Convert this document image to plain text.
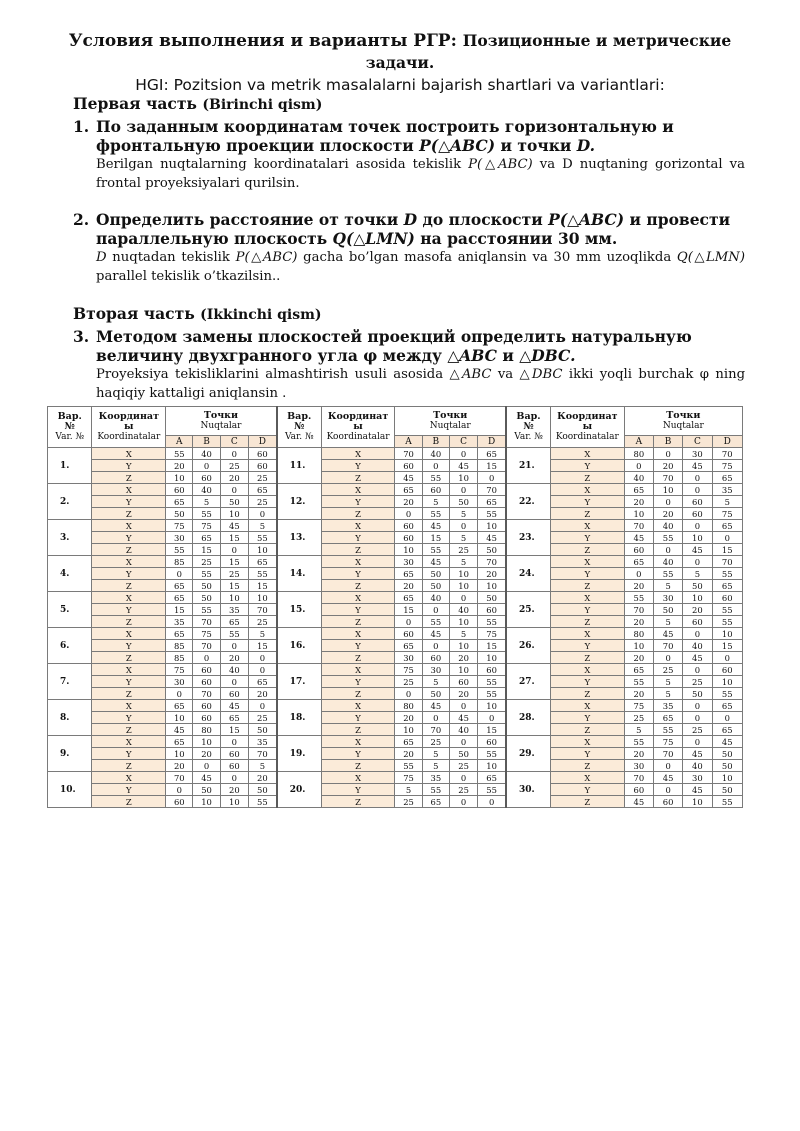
Условия выполнения и варианты РГР: Позиционные и метрические
задачи.
HGI: Pozitsion va metrik masalalarni bajarish shartlari va variantlari:
Первая часть (Birinchi qism)
1. По заданным координатам точек построить горизонтальную и фронтальную проекции плоскости P(△ABC) и точки D.
Berilgan nuqtalarning koordinatalari asosida tekislik P(△ABC) va D nuqtaning gorizontal va frontal proyeksiyalari qurilsin.
2. Определить расстояние от точки D до плоскости P(△ABC) и провести параллельную плоскость Q(△LMN) на расстоянии 30 мм.
D nuqtadan tekislik P(△ABC) gacha bo’lgan masofa aniqlansin va 30 mm uzoqlikda Q(△LMN) parallel tekislik o’tkazilsin..
Вторая часть (Ikkinchi qism)
3. Методом замены плоскостей проекций определить натуральную величину двухгранного угла φ между △ABC и △DBC.
Proyeksiya tekisliklarini almashtirish usuli asosida △ABC va △DBC ikki yoqli burchak φ ning haqiqiy kattaligi aniqlansin .
Вар.
№
Var. №	Координат
ы
Koordinatalar	Точки
Nuqtalar				Вар.
№
Var. №	Координат
ы
Koordinatalar	Точки
Nuqtalar				Вар.
№
Var. №	Координат
ы
Koordinatalar	Точки
Nuqtalar			
		A	B	C	D			A	B	C	D			A	B	C	D
1.	X	55	40	0	60	11.	X	70	40	0	65	21.	X	80	0	30	70
	Y	20	0	25	60		Y	60	0	45	15		Y	0	20	45	75
	Z	10	60	20	25		Z	45	55	10	0		Z	40	70	0	65
2.	X	60	40	0	65	12.	X	65	60	0	70	22.	X	65	10	0	35
	Y	65	5	50	25		Y	20	5	50	65		Y	20	0	60	5
	Z	50	55	10	0		Z	0	55	5	55		Z	10	20	60	75
3.	X	75	75	45	5	13.	X	60	45	0	10	23.	X	70	40	0	65
	Y	30	65	15	55		Y	60	15	5	45		Y	45	55	10	0
	Z	55	15	0	10		Z	10	55	25	50		Z	60	0	45	15
4.	X	85	25	15	65	14.	X	30	45	5	70	24.	X	65	40	0	70
	Y	0	55	25	55		Y	65	50	10	20		Y	0	55	5	55
	Z	65	50	15	15		Z	20	50	10	10		Z	20	5	50	65
5.	X	65	50	10	10	15.	X	65	40	0	50	25.	X	55	30	10	60
	Y	15	55	35	70		Y	15	0	40	60		Y	70	50	20	55
	Z	35	70	65	25		Z	0	55	10	55		Z	20	5	60	55
6.	X	65	75	55	5	16.	X	60	45	5	75	26.	X	80	45	0	10
	Y	85	70	0	15		Y	65	0	10	15		Y	10	70	40	15
	Z	85	0	20	0		Z	30	60	20	10		Z	20	0	45	0
7.	X	75	60	40	0	17.	X	75	30	10	60	27.	X	65	25	0	60
	Y	30	60	0	65		Y	25	5	60	55		Y	55	5	25	10
	Z	0	70	60	20		Z	0	50	20	55		Z	20	5	50	55
8.	X	65	60	45	0	18.	X	80	45	0	10	28.	X	75	35	0	65
	Y	10	60	65	25		Y	20	0	45	0		Y	25	65	0	0
	Z	45	80	15	50		Z	10	70	40	15		Z	5	55	25	65
9.	X	65	10	0	35	19.	X	65	25	0	60	29.	X	55	75	0	45
	Y	10	20	60	70		Y	20	5	50	55		Y	20	70	45	50
	Z	20	0	60	5		Z	55	5	25	10		Z	30	0	40	50
10.	X	70	45	0	20	20.	X	75	35	0	65	30.	X	70	45	30	10
	Y	0	50	20	50		Y	5	55	25	55		Y	60	0	45	50
	Z	60	10	10	55		Z	25	65	0	0		Z	45	60	10	55
